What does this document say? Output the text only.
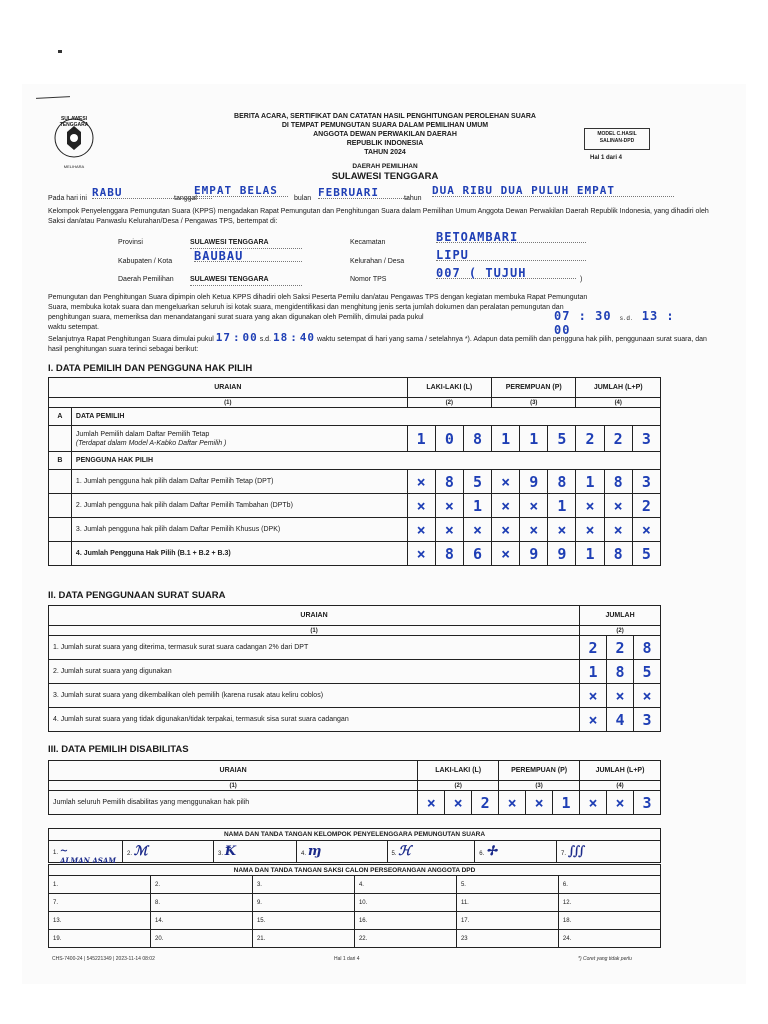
SULAWESI TENGGARA
MELIHARA
BERITA ACARA, SERTIFIKAT DAN CATATAN HASIL PENGHITUNGAN PEROLEHAN SUARA
DI TEMPAT PEMUNGUTAN SUARA DALAM PEMILIHAN UMUM
ANGGOTA DEWAN PERWAKILAN DAERAH
REPUBLIK INDONESIA
TAHUN 2024
MODEL C.HASIL
SALINAN-DPD
Hal 1 dari 4
DAERAH PEMILIHAN
SULAWESI TENGGARA
Pada hari ini RABU	tanggal
EMPAT BELAS
bulan FEBRUARI	tahun
DUA RIBU DUA PULUH EMPAT
Kelompok Penyelenggara Pemungutan Suara (KPPS) mengadakan Rapat Pemungutan dan Penghitungan Suara dalam Pemilihan Umum Anggota Dewan Perwakilan Daerah Republik Indonesia, yang dihadiri oleh Saksi dan/atau Panwaslu Kelurahan/Desa / Pengawas TPS, bertempat di:
Provinsi	SULAWESI TENGGARA
Kabupaten / Kota BAUBAU
Daerah Pemilihan SULAWESI TENGGARA
Kecamatan	BETOAMBARI
Kelurahan / Desa	LIPU
Nomor TPS	007 ( TUJUH	)
Pemungutan dan Penghitungan Suara dipimpin oleh Ketua KPPS dihadiri oleh Saksi Peserta Pemilu dan/atau Pengawas TPS dengan kegiatan membuka Rapat Pemungutan Suara, membuka kotak suara dan mengeluarkan seluruh isi kotak suara, mengidentifikasi dan menghitung jenis serta jumlah dokumen dan peralatan pemungutan dan penghitungan suara, memeriksa dan menandatangani surat suara yang akan digunakan oleh Pemilih, dimulai pada pukul	07 : 30 s.d. 13 : 00
waktu setempat.
Selanjutnya Rapat Penghitungan Suara dimulai pukul 17 : 00 s.d. 18 : 40 waktu setempat di hari yang sama / setelahnya *). Adapun data pemilih dan pengguna hak pilih, penggunaan surat suara, dan hasil penghitungan suara terinci sebagai berikut:
I. DATA PEMILIH DAN PENGGUNA HAK PILIH
URAIAN		LAKI-LAKI (L)			PEREMPUAN (P)			JUMLAH (L+P)		
(1)		(2)			(3)			(4)		
A	DATA PEMILIH									

	Jumlah Pemilih dalam Daftar Pemilih Tetap
(Terdapat dalam Model A-Kabko Daftar Pemilih )	1	0	8	1	1	5	2	2	3
B	PENGGUNA HAK PILIH									
	1. Jumlah pengguna hak pilih dalam Daftar Pemilih Tetap (DPT)	×	8	5	×	9	8	1	8	3
	2. Jumlah pengguna hak pilih dalam Daftar Pemilih Tambahan (DPTb)	×	×	1	×	×	1	×	×	2
	3. Jumlah pengguna hak pilih dalam Daftar Pemilih Khusus (DPK)	×	×	×	×	×	×	×	×	×
	4. Jumlah Pengguna Hak Pilih (B.1 + B.2 + B.3)	×	8	6	×	9	9	1	8	5
II. DATA PENGGUNAAN SURAT SUARA
URAIAN	JUMLAH		
(1)	(2)		
1. Jumlah surat suara yang diterima, termasuk surat suara cadangan 2% dari DPT	2	2	8
2. Jumlah surat suara yang digunakan	1	8	5
3. Jumlah surat suara yang dikembalikan oleh pemilih (karena rusak atau keliru coblos)	×	×	×
4. Jumlah surat suara yang tidak digunakan/tidak terpakai, termasuk sisa surat suara cadangan	×	4	3
III. DATA PEMILIH DISABILITAS
URAIAN	LAKI-LAKI (L)			PEREMPUAN (P)			JUMLAH (L+P)		
(1)	(2)			(3)			(4)		
Jumlah seluruh Pemilih disabilitas yang menggunakan hak pilih	×	×	2	×	×	1	×	×	3
NAMA DAN TANDA TANGAN KELOMPOK PENYELENGGARA PEMUNGUTAN SUARA
1. ~	2. ℳ	3. Ꝁ	4. ɱ	5. ℋ	6. ✢	7. ∭
ALMAN ASAM
NAMA DAN TANDA TANGAN SAKSI CALON PERSEORANGAN ANGGOTA DPD					
1.	2.	3.	4.	5.	6.
7.	8.	9.	10.	11.	12.
13.	14.	15.	16.	17.	18.
19.	20.	21.	22.	23	24.
CHS-7400-24 | 545221349 | 2023-11-14 08:02	Hal 1 dari 4	*) Coret yang tidak perlu
